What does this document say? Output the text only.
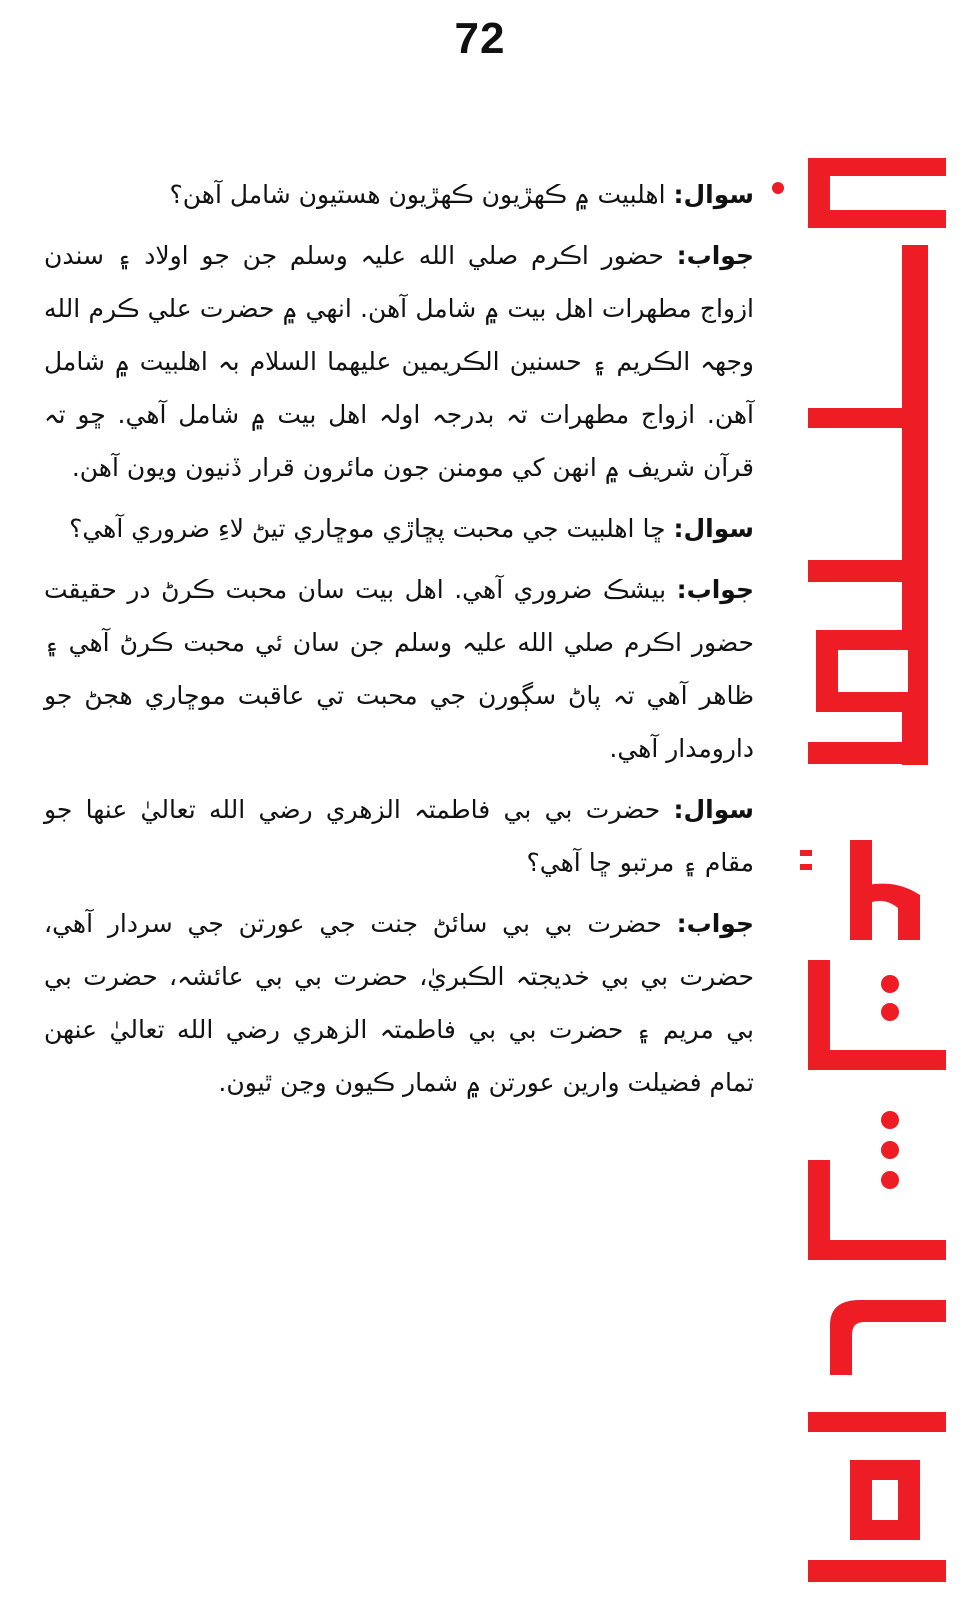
72

سوال: اهلبيت ۾ ڪهڙيون ڪهڙيون هستيون شامل آهن؟

جواب: حضور اڪرم صلي الله عليہ وسلم جن جو اولاد ۽ سندن ازواج مطهرات اهل بيت ۾ شامل آهن. انهي ۾ حضرت علي ڪرم الله وجهہ الڪريم ۽ حسنين الڪريمين عليهما السلام بہ اهلبيت ۾ شامل آهن. ازواج مطهرات تہ بدرجہ اولہ اهل بيت ۾ شامل آهي. ڇو تہ قرآن شريف ۾ انهن کي مومنن جون مائرون قرار ڏنيون ويون آهن.

سوال: ڇا اهلبيت جي محبت پڇاڙي موڇاري تيڻ لاءِ ضروري آهي؟

جواب: بيشڪ ضروري آهي. اهل بيت سان محبت ڪرڻ در حقيقت حضور اڪرم صلي الله عليہ وسلم جن سان ئي محبت ڪرڻ آهي ۽ ظاهر آهي تہ پاڻ سڳورن جي محبت تي عاقبت موڇاري هجڻ جو دارومدار آهي.

سوال: حضرت بي بي فاطمتہ الزهري رضي الله تعاليٰ عنها جو مقام ۽ مرتبو ڇا آهي؟

جواب: حضرت بي بي سائڻ جنت جي عورتن جي سردار آهي، حضرت بي بي خديجتہ الڪبريٰ، حضرت بي بي عائشہ، حضرت بي بي مريم ۽ حضرت بي بي فاطمتہ الزهري رضي الله تعاليٰ عنهن تمام فضيلت وارين عورتن ۾ شمار ڪيون وڃن ٿيون.
